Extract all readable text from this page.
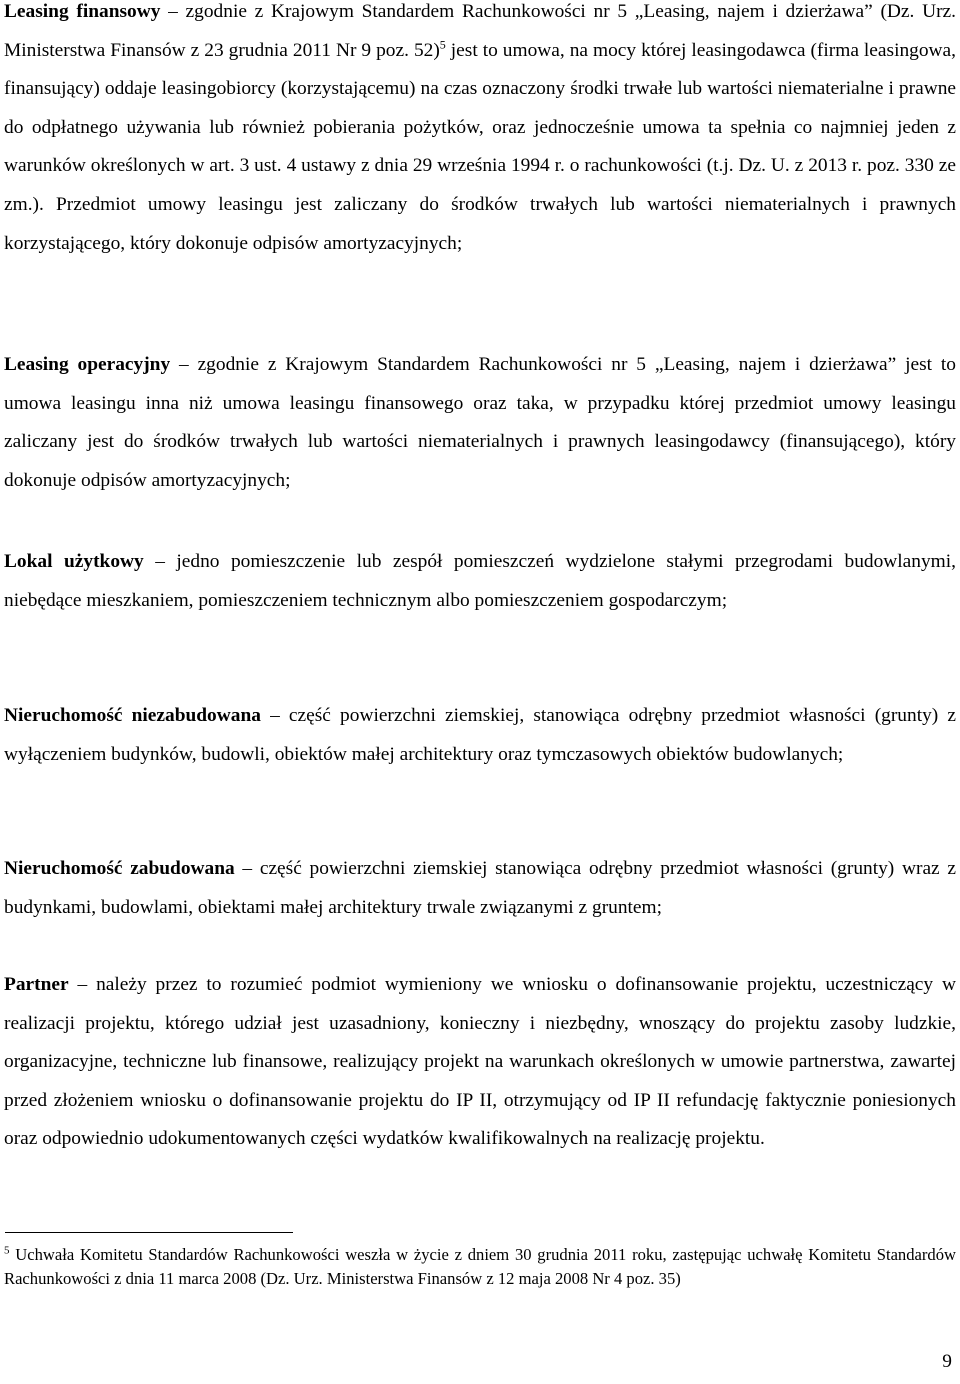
Leasing finansowy – zgodnie z Krajowym Standardem Rachunkowości nr 5 „Leasing, najem i dzierżawa” (Dz. Urz. Ministerstwa Finansów z 23 grudnia 2011 Nr 9 poz. 52)$^5$ jest to umowa, na mocy której leasingodawca (firma leasingowa, finansujący) oddaje leasingobiorcy (korzystającemu) na czas oznaczony środki trwałe lub wartości niematerialne i prawne do odpłatnego używania lub również pobierania pożytków, oraz jednocześnie umowa ta spełnia co najmniej jeden z warunków określonych w art. 3 ust. 4 ustawy z dnia 29 września 1994 r. o rachunkowości (t.j. Dz. U. z 2013 r. poz. 330 ze zm.). Przedmiot umowy leasingu jest zaliczany do środków trwałych lub wartości niematerialnych i prawnych korzystającego, który dokonuje odpisów amortyzacyjnych;

Leasing operacyjny – zgodnie z Krajowym Standardem Rachunkowości nr 5 „Leasing, najem i dzierżawa” jest to umowa leasingu inna niż umowa leasingu finansowego oraz taka, w przypadku której przedmiot umowy leasingu zaliczany jest do środków trwałych lub wartości niematerialnych i prawnych leasingodawcy (finansującego), który dokonuje odpisów amortyzacyjnych;

Lokal użytkowy – jedno pomieszczenie lub zespół pomieszczeń wydzielone stałymi przegrodami budowlanymi, niebędące mieszkaniem, pomieszczeniem technicznym albo pomieszczeniem gospodarczym;

Nieruchomość niezabudowana – część powierzchni ziemskiej, stanowiąca odrębny przedmiot własności (grunty) z wyłączeniem budynków, budowli, obiektów małej architektury oraz tymczasowych obiektów budowlanych;

Nieruchomość zabudowana – część powierzchni ziemskiej stanowiąca odrębny przedmiot własności (grunty) wraz z budynkami, budowlami, obiektami małej architektury trwale związanymi z gruntem;

Partner – należy przez to rozumieć podmiot wymieniony we wniosku o dofinansowanie projektu, uczestniczący w realizacji projektu, którego udział jest uzasadniony, konieczny i niezbędny, wnoszący do projektu zasoby ludzkie, organizacyjne, techniczne lub finansowe, realizujący projekt na warunkach określonych w umowie partnerstwa, zawartej przed złożeniem wniosku o dofinansowanie projektu do IP II, otrzymujący od IP II refundację faktycznie poniesionych oraz odpowiednio udokumentowanych części wydatków kwalifikowalnych na realizację projektu.

$^5$ Uchwała Komitetu Standardów Rachunkowości weszła w życie z dniem 30 grudnia 2011 roku, zastępując uchwałę Komitetu Standardów Rachunkowości z dnia 11 marca 2008 (Dz. Urz. Ministerstwa Finansów z 12 maja 2008 Nr 4 poz. 35)

9
